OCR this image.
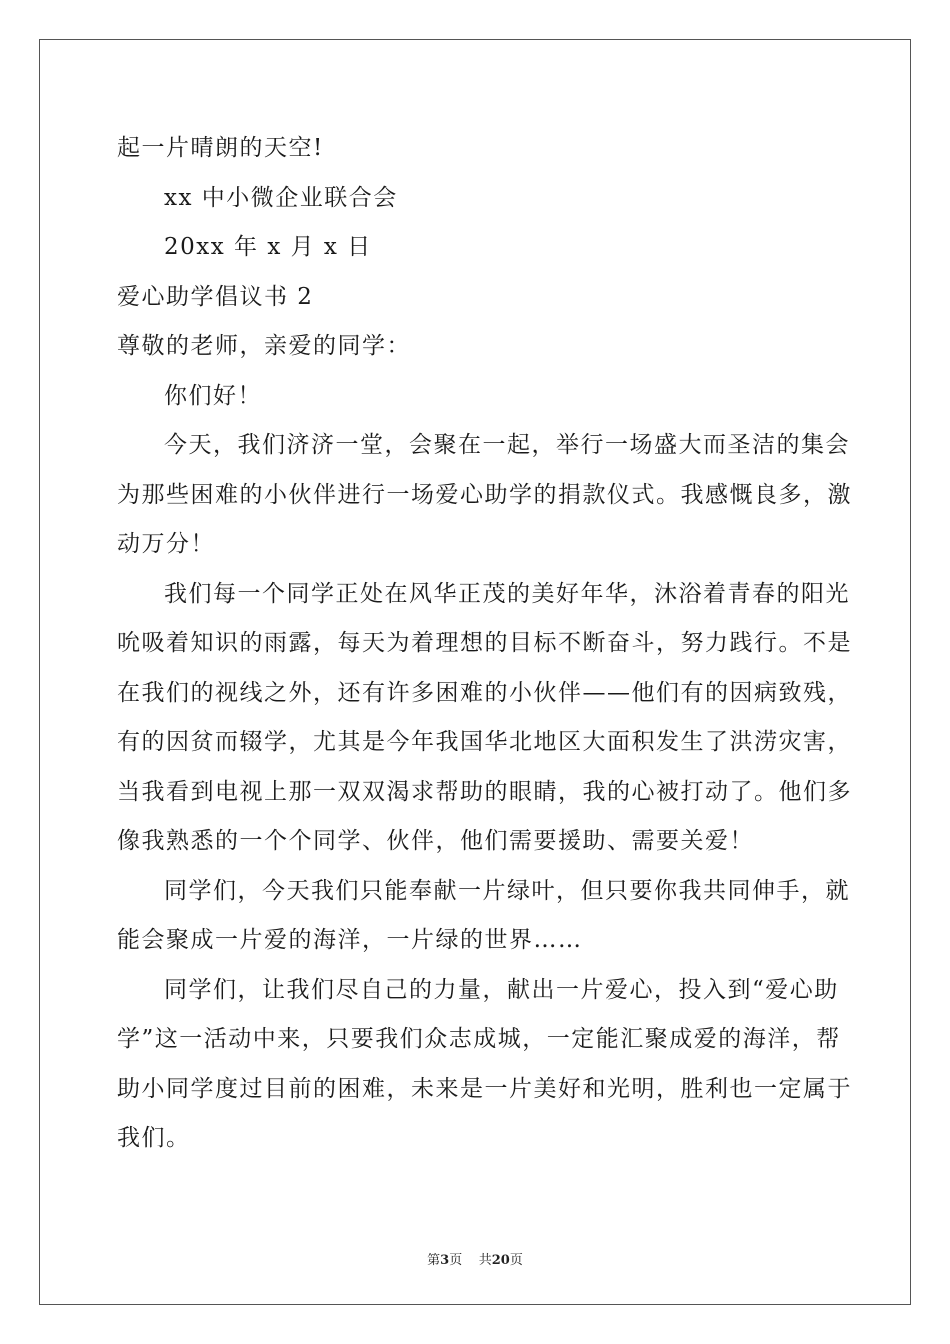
起一片晴朗的天空!
xx 中小微企业联合会
20xx 年 x 月 x 日
爱心助学倡议书 2
尊敬的老师，亲爱的同学：
你们好！
今天，我们济济一堂，会聚在一起，举行一场盛大而圣洁的集会
为那些困难的小伙伴进行一场爱心助学的捐款仪式。我感慨良多，激
动万分！
我们每一个同学正处在风华正茂的美好年华，沐浴着青春的阳光
吮吸着知识的雨露，每天为着理想的目标不断奋斗，努力践行。不是
在我们的视线之外，还有许多困难的小伙伴——他们有的因病致残，
有的因贫而辍学，尤其是今年我国华北地区大面积发生了洪涝灾害，
当我看到电视上那一双双渴求帮助的眼睛，我的心被打动了。他们多
像我熟悉的一个个同学、伙伴，他们需要援助、需要关爱！
同学们，今天我们只能奉献一片绿叶，但只要你我共同伸手，就
能会聚成一片爱的海洋，一片绿的世界……
同学们，让我们尽自己的力量，献出一片爱心，投入到“爱心助
学”这一活动中来，只要我们众志成城，一定能汇聚成爱的海洋，帮
助小同学度过目前的困难，未来是一片美好和光明，胜利也一定属于
我们。
第3页 共20页
